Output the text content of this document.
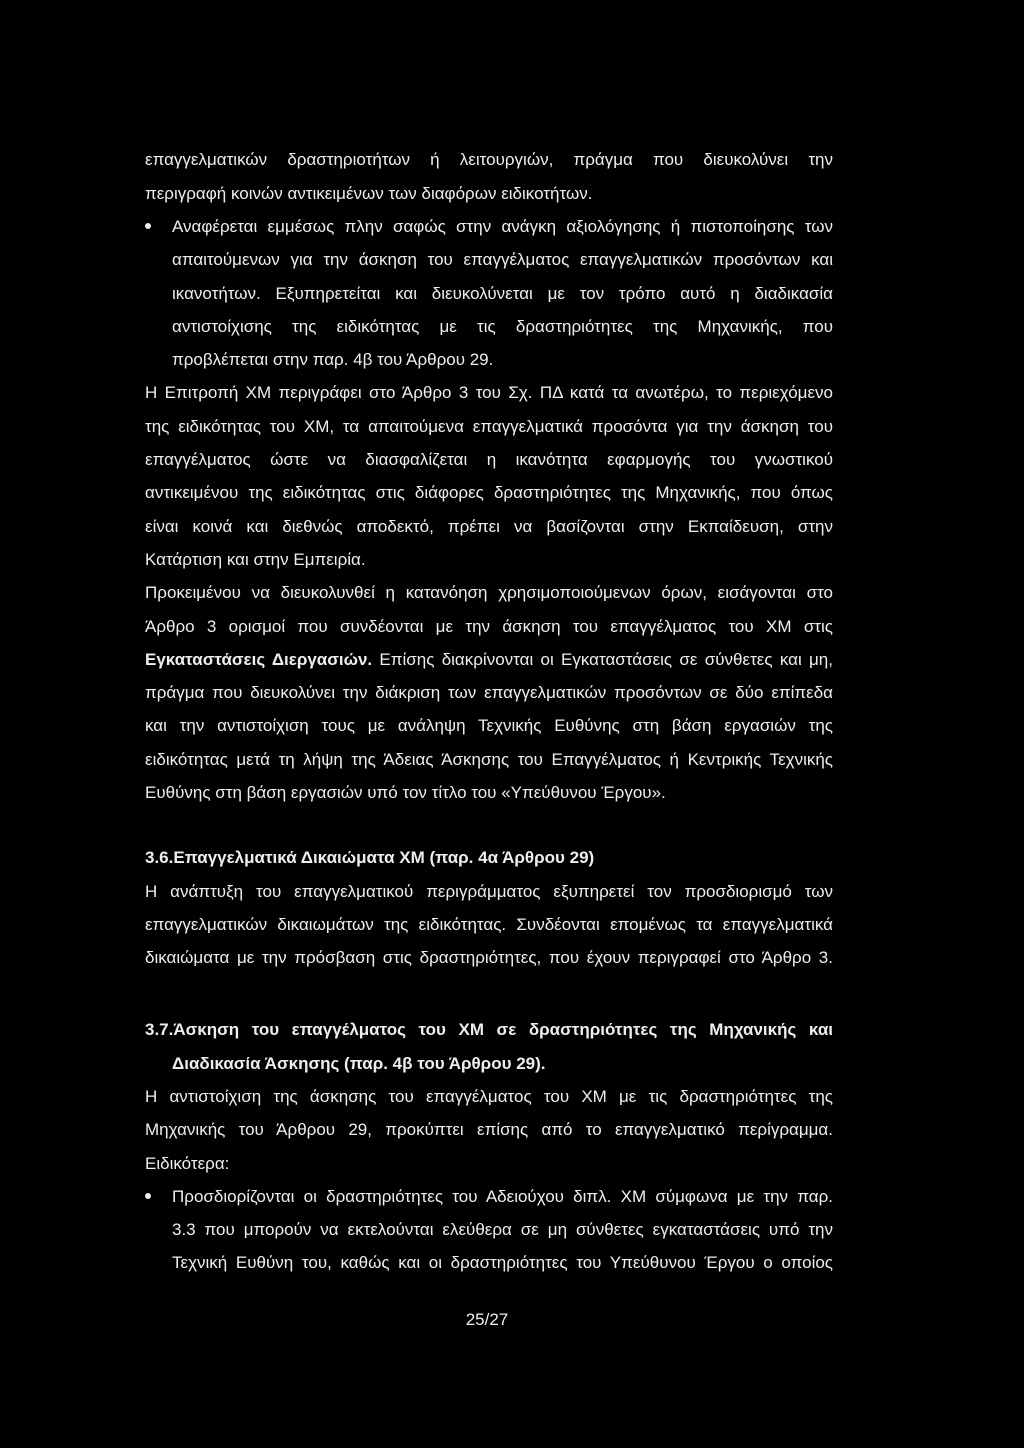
επαγγελματικών δραστηριοτήτων ή λειτουργιών, πράγμα που διευκολύνει την
περιγραφή κοινών αντικειμένων των διαφόρων ειδικοτήτων.
Αναφέρεται εμμέσως πλην σαφώς στην ανάγκη αξιολόγησης ή πιστοποίησης των
απαιτούμενων για την άσκηση του επαγγέλματος επαγγελματικών προσόντων και
ικανοτήτων. Εξυπηρετείται και διευκολύνεται με τον τρόπο αυτό η διαδικασία
αντιστοίχισης της ειδικότητας με τις δραστηριότητες της Μηχανικής, που
προβλέπεται στην παρ. 4β του Άρθρου 29.
Η Επιτροπή ΧΜ περιγράφει στο Άρθρο 3 του Σχ. ΠΔ κατά τα ανωτέρω, το περιεχόμενο
της ειδικότητας του ΧΜ, τα απαιτούμενα επαγγελματικά προσόντα για την άσκηση του
επαγγέλματος ώστε να διασφαλίζεται η ικανότητα εφαρμογής του γνωστικού
αντικειμένου της ειδικότητας στις διάφορες δραστηριότητες της Μηχανικής, που όπως
είναι κοινά και διεθνώς αποδεκτό, πρέπει να βασίζονται στην Εκπαίδευση, στην
Κατάρτιση και στην Εμπειρία.
Προκειμένου να διευκολυνθεί η κατανόηση χρησιμοποιούμενων όρων, εισάγονται στο
Άρθρο 3 ορισμοί που συνδέονται με την άσκηση του επαγγέλματος του ΧΜ στις
Εγκαταστάσεις Διεργασιών. Επίσης διακρίνονται οι Εγκαταστάσεις σε σύνθετες και μη,
πράγμα που διευκολύνει την διάκριση των επαγγελματικών προσόντων σε δύο επίπεδα
και την αντιστοίχιση τους με ανάληψη Τεχνικής Ευθύνης στη βάση εργασιών της
ειδικότητας μετά τη λήψη της Άδειας Άσκησης του Επαγγέλματος ή Κεντρικής Τεχνικής
Ευθύνης στη βάση εργασιών υπό τον τίτλο του «Υπεύθυνου Έργου».
3.6.Επαγγελματικά Δικαιώματα ΧΜ (παρ. 4α Άρθρου 29)
Η ανάπτυξη του επαγγελματικού περιγράμματος εξυπηρετεί τον προσδιορισμό των
επαγγελματικών δικαιωμάτων της ειδικότητας. Συνδέονται επομένως τα επαγγελματικά
δικαιώματα με την πρόσβαση στις δραστηριότητες, που έχουν περιγραφεί στο Άρθρο 3.
3.7.Άσκηση του επαγγέλματος του ΧΜ σε δραστηριότητες της Μηχανικής και
Διαδικασία Άσκησης (παρ. 4β του Άρθρου 29).
Η αντιστοίχιση της άσκησης του επαγγέλματος του ΧΜ με τις δραστηριότητες της
Μηχανικής του Άρθρου 29, προκύπτει επίσης από το επαγγελματικό περίγραμμα.
Ειδικότερα:
Προσδιορίζονται οι δραστηριότητες του Αδειούχου διπλ. ΧΜ σύμφωνα με την παρ.
3.3 που μπορούν να εκτελούνται ελεύθερα σε μη σύνθετες εγκαταστάσεις υπό την
Τεχνική Ευθύνη του, καθώς και οι δραστηριότητες του Υπεύθυνου Έργου ο οποίος
25/27
